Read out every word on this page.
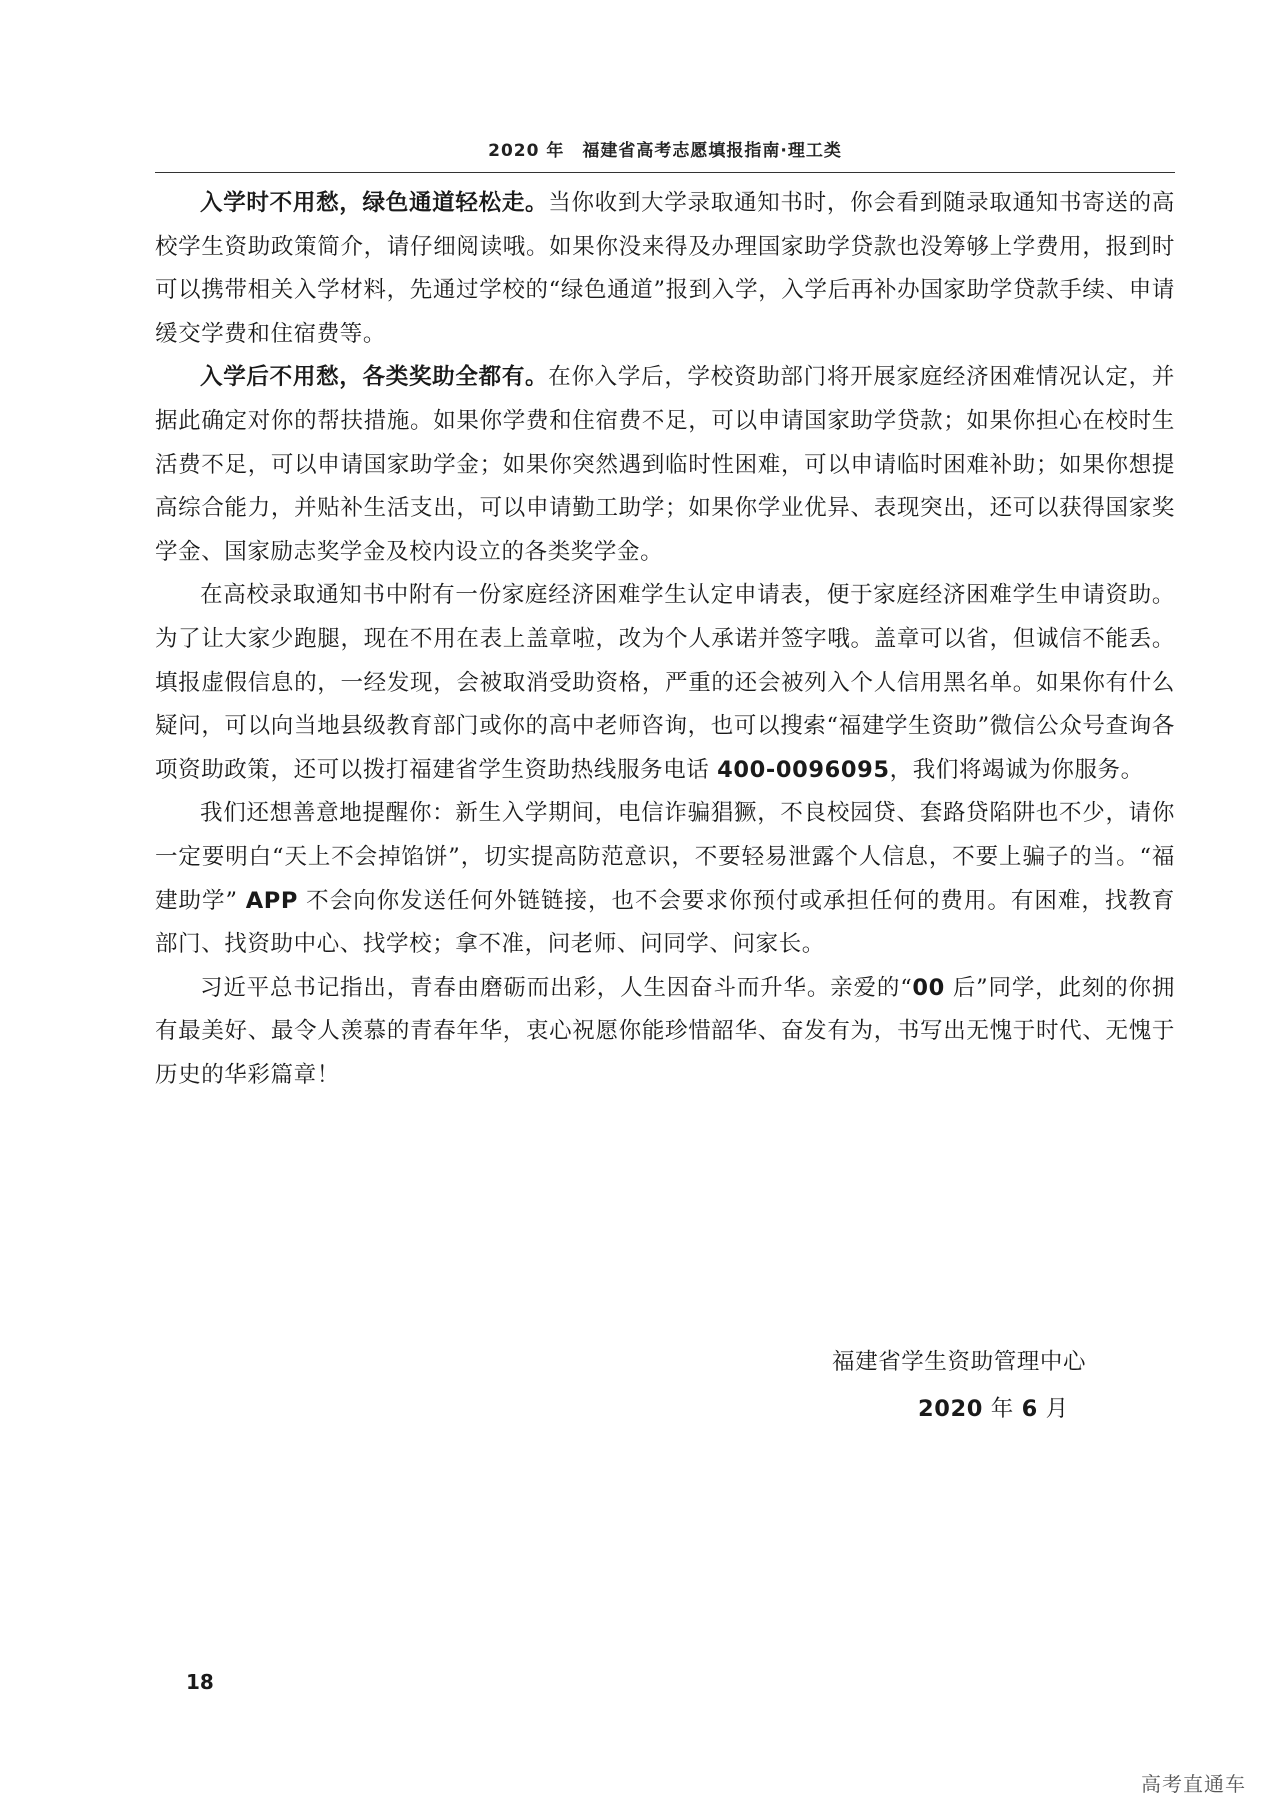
2020 年　福建省高考志愿填报指南·理工类

入学时不用愁，绿色通道轻松走。当你收到大学录取通知书时，你会看到随录取通知书寄送的高校学生资助政策简介，请仔细阅读哦。如果你没来得及办理国家助学贷款也没筹够上学费用，报到时可以携带相关入学材料，先通过学校的“绿色通道”报到入学，入学后再补办国家助学贷款手续、申请缓交学费和住宿费等。

入学后不用愁，各类奖助全都有。在你入学后，学校资助部门将开展家庭经济困难情况认定，并据此确定对你的帮扶措施。如果你学费和住宿费不足，可以申请国家助学贷款；如果你担心在校时生活费不足，可以申请国家助学金；如果你突然遇到临时性困难，可以申请临时困难补助；如果你想提高综合能力，并贴补生活支出，可以申请勤工助学；如果你学业优异、表现突出，还可以获得国家奖学金、国家励志奖学金及校内设立的各类奖学金。

在高校录取通知书中附有一份家庭经济困难学生认定申请表，便于家庭经济困难学生申请资助。为了让大家少跑腿，现在不用在表上盖章啦，改为个人承诺并签字哦。盖章可以省，但诚信不能丢。填报虚假信息的，一经发现，会被取消受助资格，严重的还会被列入个人信用黑名单。如果你有什么疑问，可以向当地县级教育部门或你的高中老师咨询，也可以搜索“福建学生资助”微信公众号查询各项资助政策，还可以拨打福建省学生资助热线服务电话 400-0096095，我们将竭诚为你服务。

我们还想善意地提醒你：新生入学期间，电信诈骗猖獗，不良校园贷、套路贷陷阱也不少，请你一定要明白“天上不会掉馅饼”，切实提高防范意识，不要轻易泄露个人信息，不要上骗子的当。“福建助学” APP 不会向你发送任何外链链接，也不会要求你预付或承担任何的费用。有困难，找教育部门、找资助中心、找学校；拿不准，问老师、问同学、问家长。

习近平总书记指出，青春由磨砺而出彩，人生因奋斗而升华。亲爱的“00 后”同学，此刻的你拥有最美好、最令人羡慕的青春年华，衷心祝愿你能珍惜韶华、奋发有为，书写出无愧于时代、无愧于历史的华彩篇章！

福建省学生资助管理中心
2020 年 6 月
18
高考直通车
